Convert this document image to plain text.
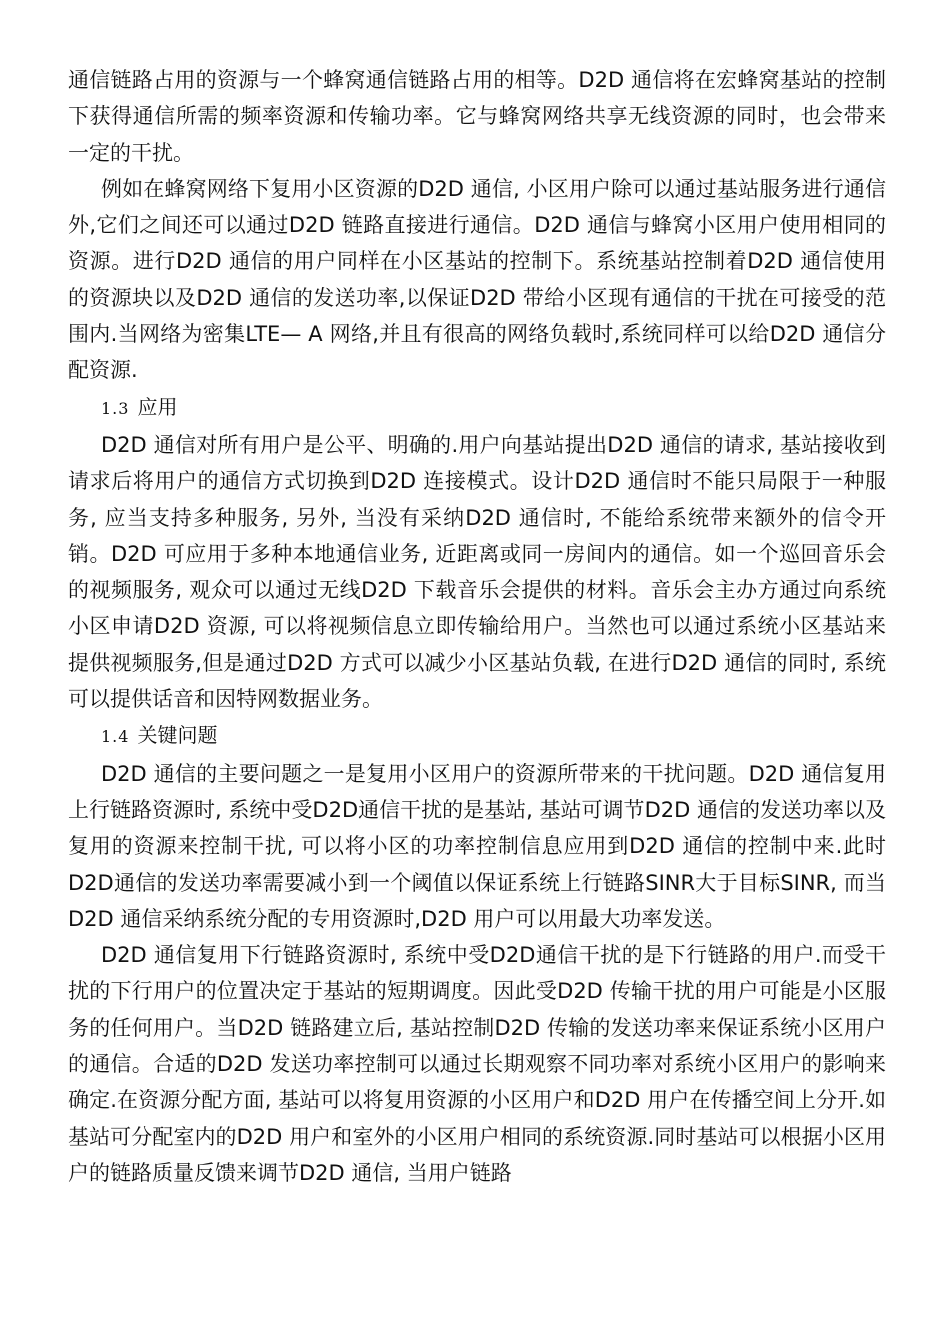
通信链路占用的资源与一个蜂窝通信链路占用的相等。D2D 通信将在宏蜂窝基站的控制下获得通信所需的频率资源和传输功率。它与蜂窝网络共享无线资源的同时，也会带来一定的干扰。

例如在蜂窝网络下复用小区资源的D2D 通信, 小区用户除可以通过基站服务进行通信外,它们之间还可以通过D2D 链路直接进行通信。D2D 通信与蜂窝小区用户使用相同的资源。进行D2D 通信的用户同样在小区基站的控制下。系统基站控制着D2D 通信使用的资源块以及D2D 通信的发送功率,以保证D2D 带给小区现有通信的干扰在可接受的范围内.当网络为密集LTE— A 网络,并且有很高的网络负载时,系统同样可以给D2D 通信分配资源.

1.3 应用

D2D 通信对所有用户是公平、明确的.用户向基站提出D2D 通信的请求, 基站接收到请求后将用户的通信方式切换到D2D 连接模式。设计D2D 通信时不能只局限于一种服务, 应当支持多种服务, 另外, 当没有采纳D2D 通信时, 不能给系统带来额外的信令开销。D2D 可应用于多种本地通信业务, 近距离或同一房间内的通信。如一个巡回音乐会的视频服务, 观众可以通过无线D2D 下载音乐会提供的材料。音乐会主办方通过向系统小区申请D2D 资源, 可以将视频信息立即传输给用户。当然也可以通过系统小区基站来提供视频服务,但是通过D2D 方式可以减少小区基站负载, 在进行D2D 通信的同时, 系统可以提供话音和因特网数据业务。

1.4 关键问题

D2D 通信的主要问题之一是复用小区用户的资源所带来的干扰问题。D2D 通信复用上行链路资源时, 系统中受D2D通信干扰的是基站, 基站可调节D2D 通信的发送功率以及复用的资源来控制干扰, 可以将小区的功率控制信息应用到D2D 通信的控制中来.此时D2D通信的发送功率需要减小到一个阈值以保证系统上行链路SINR大于目标SINR, 而当D2D 通信采纳系统分配的专用资源时,D2D 用户可以用最大功率发送。

D2D 通信复用下行链路资源时, 系统中受D2D通信干扰的是下行链路的用户.而受干扰的下行用户的位置决定于基站的短期调度。因此受D2D 传输干扰的用户可能是小区服务的任何用户。当D2D 链路建立后, 基站控制D2D 传输的发送功率来保证系统小区用户的通信。合适的D2D 发送功率控制可以通过长期观察不同功率对系统小区用户的影响来确定.在资源分配方面, 基站可以将复用资源的小区用户和D2D 用户在传播空间上分开.如基站可分配室内的D2D 用户和室外的小区用户相同的系统资源.同时基站可以根据小区用户的链路质量反馈来调节D2D 通信, 当用户链路
